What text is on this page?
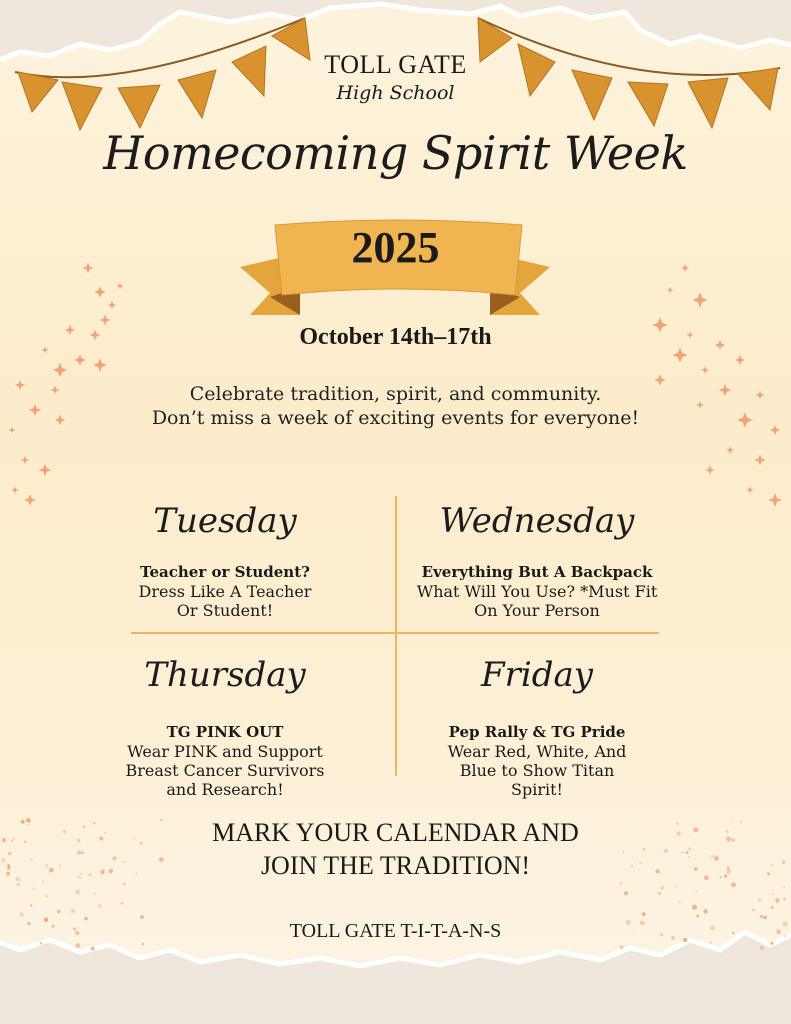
TOLL GATE
High School
Homecoming Spirit Week
2025
October 14th–17th
Celebrate tradition, spirit, and community.
Don’t miss a week of exciting events for everyone!
Tuesday
Teacher or Student?
Dress Like A Teacher
Or Student!
Wednesday
Everything But A Backpack
What Will You Use? *Must Fit
On Your Person
Thursday
TG PINK OUT
Wear PINK and Support
Breast Cancer Survivors
and Research!
Friday
Pep Rally & TG Pride
Wear Red, White, And
Blue to Show Titan
Spirit!
MARK YOUR CALENDAR AND
JOIN THE TRADITION!
TOLL GATE T-I-T-A-N-S
